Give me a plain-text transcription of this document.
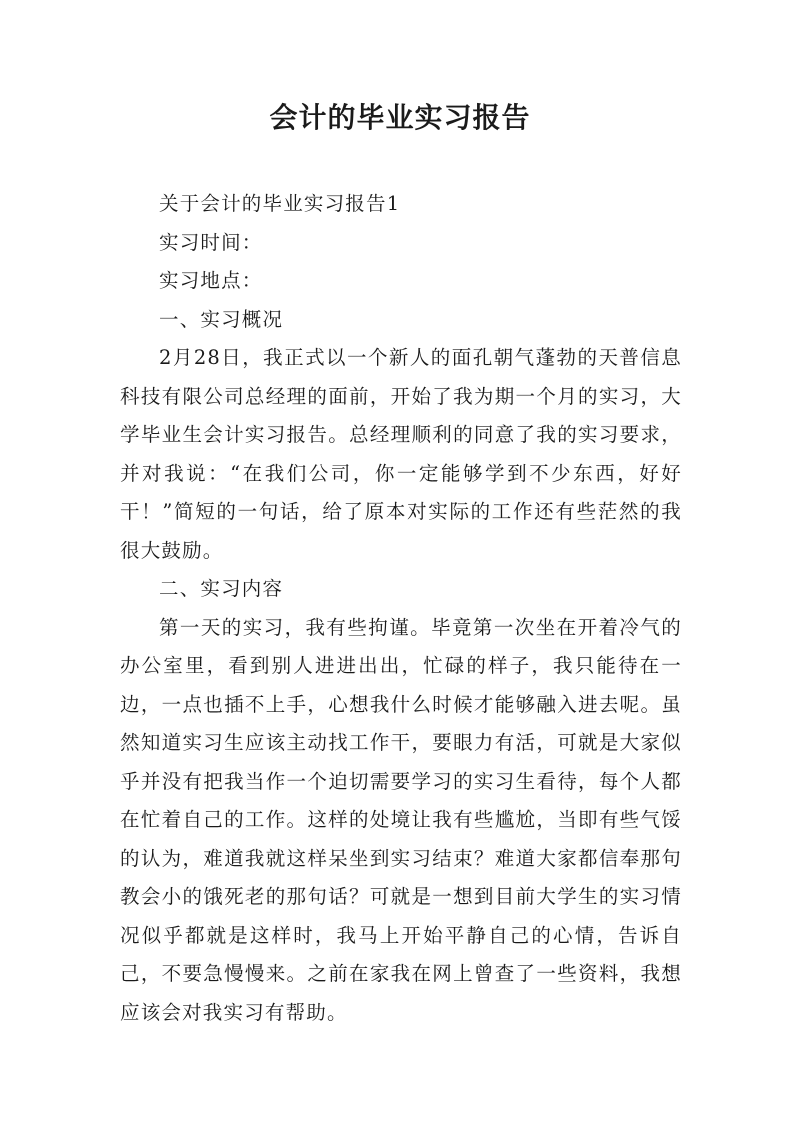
会计的毕业实习报告

关于会计的毕业实习报告1

实习时间：

实习地点：

一、实习概况

2月28日，我正式以一个新人的面孔朝气蓬勃的天普信息科技有限公司总经理的面前，开始了我为期一个月的实习，大学毕业生会计实习报告。总经理顺利的同意了我的实习要求，并对我说：“在我们公司，你一定能够学到不少东西，好好干！”简短的一句话，给了原本对实际的工作还有些茫然的我很大鼓励。

二、实习内容

第一天的实习，我有些拘谨。毕竟第一次坐在开着冷气的办公室里，看到别人进进出出，忙碌的样子，我只能待在一边，一点也插不上手，心想我什么时候才能够融入进去呢。虽然知道实习生应该主动找工作干，要眼力有活，可就是大家似乎并没有把我当作一个迫切需要学习的实习生看待，每个人都在忙着自己的工作。这样的处境让我有些尴尬，当即有些气馁的认为，难道我就这样呆坐到实习结束？难道大家都信奉那句教会小的饿死老的那句话？可就是一想到目前大学生的实习情况似乎都就是这样时，我马上开始平静自己的心情，告诉自己，不要急慢慢来。之前在家我在网上曾查了一些资料，我想应该会对我实习有帮助。
